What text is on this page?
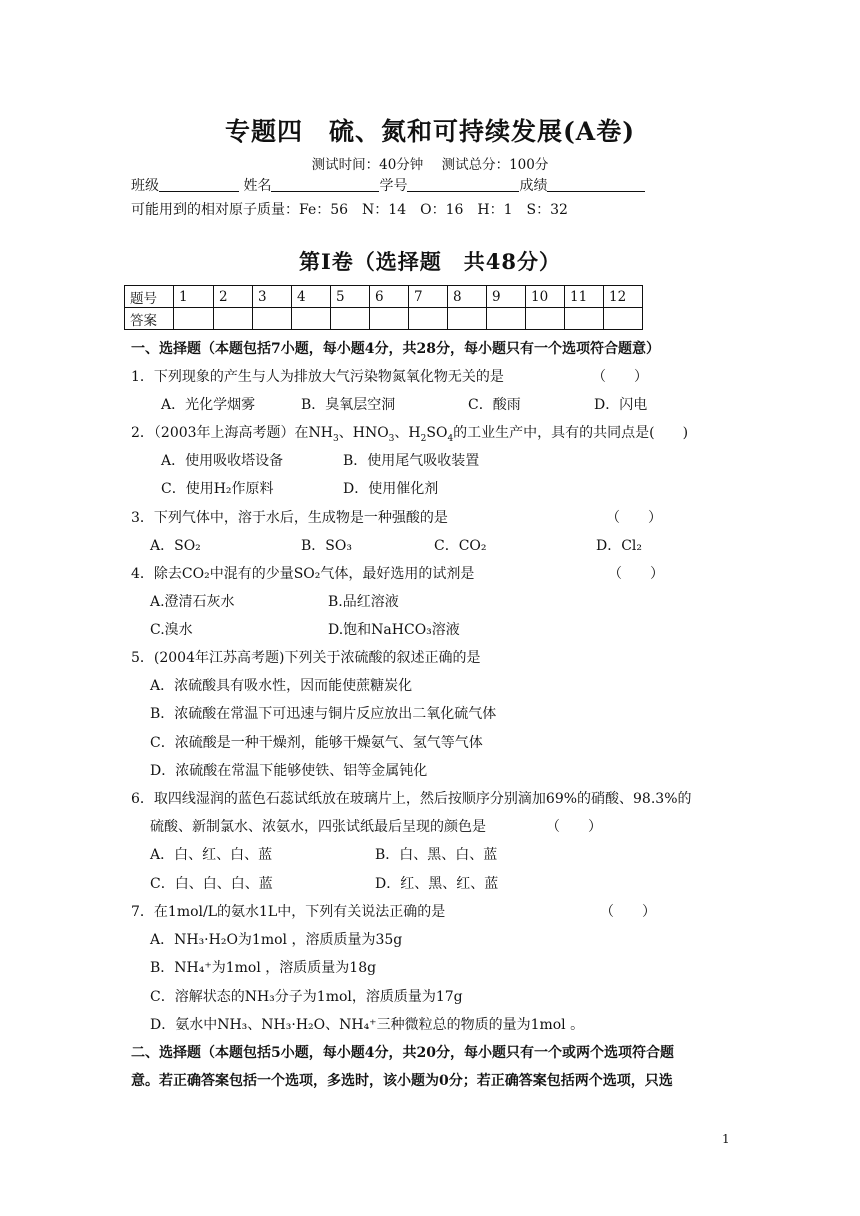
专题四　硫、氮和可持续发展(A卷)
测试时间：40分钟 测试总分：100分
班级	姓名	学号	成绩
可能用到的相对原子质量：Fe：56　N：14　O：16　H：1　S：32
第Ⅰ卷（选择题　共48分）
题号	1	2	3	4	5	6	7	8	9	10	11	12
答案												
一、选择题（本题包括7小题，每小题4分，共28分，每小题只有一个选项符合题意）
1．下列现象的产生与人为排放大气污染物氮氧化物无关的是	（　　）
A．光化学烟雾	B．臭氧层空洞	C．酸雨	D．闪电
2．（2003年上海高考题）在$NH_3$、$HNO_3$、$H_2SO_4$的工业生产中，具有的共同点是(　　)
A．使用吸收塔设备	B．使用尾气吸收装置
C．使用H₂作原料	D．使用催化剂
3．下列气体中，溶于水后，生成物是一种强酸的是	（　　）
A．SO₂	B．SO₃	C．CO₂	D．Cl₂
4．除去CO₂中混有的少量SO₂气体，最好选用的试剂是	（　　）
A.澄清石灰水	B.品红溶液
C.溴水	D.饱和NaHCO₃溶液
5．(2004年江苏高考题)下列关于浓硫酸的叙述正确的是
A．浓硫酸具有吸水性，因而能使蔗糖炭化
B．浓硫酸在常温下可迅速与铜片反应放出二氧化硫气体
C．浓硫酸是一种干燥剂，能够干燥氨气、氢气等气体
D．浓硫酸在常温下能够使铁、铝等金属钝化
6．取四线湿润的蓝色石蕊试纸放在玻璃片上，然后按顺序分别滴加69%的硝酸、98.3%的
硫酸、新制氯水、浓氨水，四张试纸最后呈现的颜色是	（　　）
A．白、红、白、蓝	B．白、黑、白、蓝
C．白、白、白、蓝	D．红、黑、红、蓝
7．在1mol/L的氨水1L中，下列有关说法正确的是	（　　）
A．NH₃·H₂O为1mol ，溶质质量为35g
B．NH₄⁺为1mol ，溶质质量为18g
C．溶解状态的NH₃分子为1mol，溶质质量为17g
D．氨水中NH₃、NH₃·H₂O、NH₄⁺三种微粒总的物质的量为1mol 。
二、选择题（本题包括5小题，每小题4分，共20分，每小题只有一个或两个选项符合题
意。若正确答案包括一个选项，多选时，该小题为0分；若正确答案包括两个选项，只选
1
